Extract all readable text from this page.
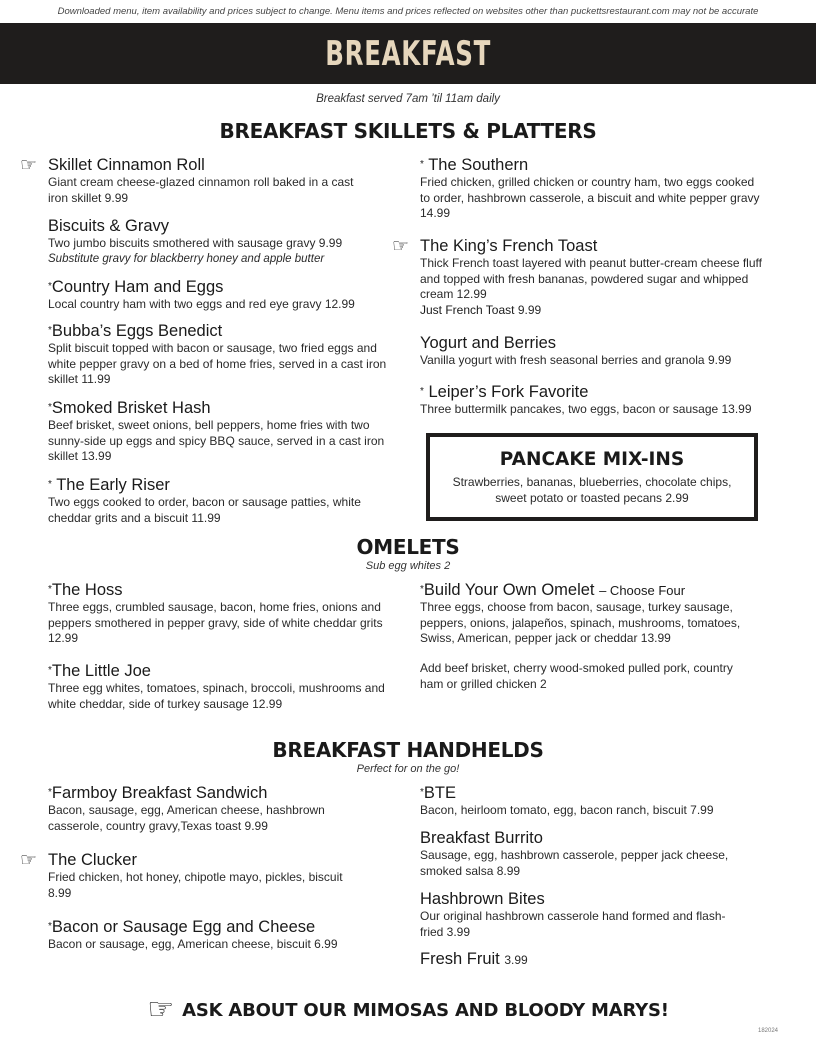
Downloaded menu, item availability and prices subject to change. Menu items and prices reflected on websites other than puckettsrestaurant.com may not be accurate
BREAKFAST
Breakfast served 7am ’til 11am daily
BREAKFAST SKILLETS & PLATTERS
☞ Skillet Cinnamon Roll
Giant cream cheese-glazed cinnamon roll baked in a cast iron skillet 9.99
Biscuits & Gravy
Two jumbo biscuits smothered with sausage gravy 9.99
Substitute gravy for blackberry honey and apple butter
*Country Ham and Eggs
Local country ham with two eggs and red eye gravy 12.99
*Bubba’s Eggs Benedict
Split biscuit topped with bacon or sausage, two fried eggs and white pepper gravy on a bed of home fries, served in a cast iron skillet 11.99
*Smoked Brisket Hash
Beef brisket, sweet onions, bell peppers, home fries with two sunny-side up eggs and spicy BBQ sauce, served in a cast iron skillet 13.99
* The Early Riser
Two eggs cooked to order, bacon or sausage patties, white cheddar grits and a biscuit 11.99
* The Southern
Fried chicken, grilled chicken or country ham, two eggs cooked to order, hashbrown casserole, a biscuit and white pepper gravy 14.99
☞ The King’s French Toast
Thick French toast layered with peanut butter-cream cheese fluff and topped with fresh bananas, powdered sugar and whipped cream 12.99
Just French Toast 9.99
Yogurt and Berries
Vanilla yogurt with fresh seasonal berries and granola 9.99
* Leiper’s Fork Favorite
Three buttermilk pancakes, two eggs, bacon or sausage 13.99
PANCAKE MIX-INS
Strawberries, bananas, blueberries, chocolate chips, sweet potato or toasted pecans 2.99
OMELETS
Sub egg whites 2
*The Hoss
Three eggs, crumbled sausage, bacon, home fries, onions and peppers smothered in pepper gravy, side of white cheddar grits 12.99
*The Little Joe
Three egg whites, tomatoes, spinach, broccoli, mushrooms and white cheddar, side of turkey sausage 12.99
*Build Your Own Omelet – Choose Four
Three eggs, choose from bacon, sausage, turkey sausage, peppers, onions, jalapeños, spinach, mushrooms, tomatoes, Swiss, American, pepper jack or cheddar 13.99
Add beef brisket, cherry wood-smoked pulled pork, country ham or grilled chicken 2
BREAKFAST HANDHELDS
Perfect for on the go!
*Farmboy Breakfast Sandwich
Bacon, sausage, egg, American cheese, hashbrown casserole, country gravy,Texas toast 9.99
☞ The Clucker
Fried chicken, hot honey, chipotle mayo, pickles, biscuit 8.99
*Bacon or Sausage Egg and Cheese
Bacon or sausage, egg, American cheese, biscuit 6.99
*BTE
Bacon, heirloom tomato, egg, bacon ranch, biscuit 7.99
Breakfast Burrito
Sausage, egg, hashbrown casserole, pepper jack cheese, smoked salsa 8.99
Hashbrown Bites
Our original hashbrown casserole hand formed and flash-fried 3.99
Fresh Fruit 3.99
☞ ASK ABOUT OUR MIMOSAS AND BLOODY MARYS!
182024
